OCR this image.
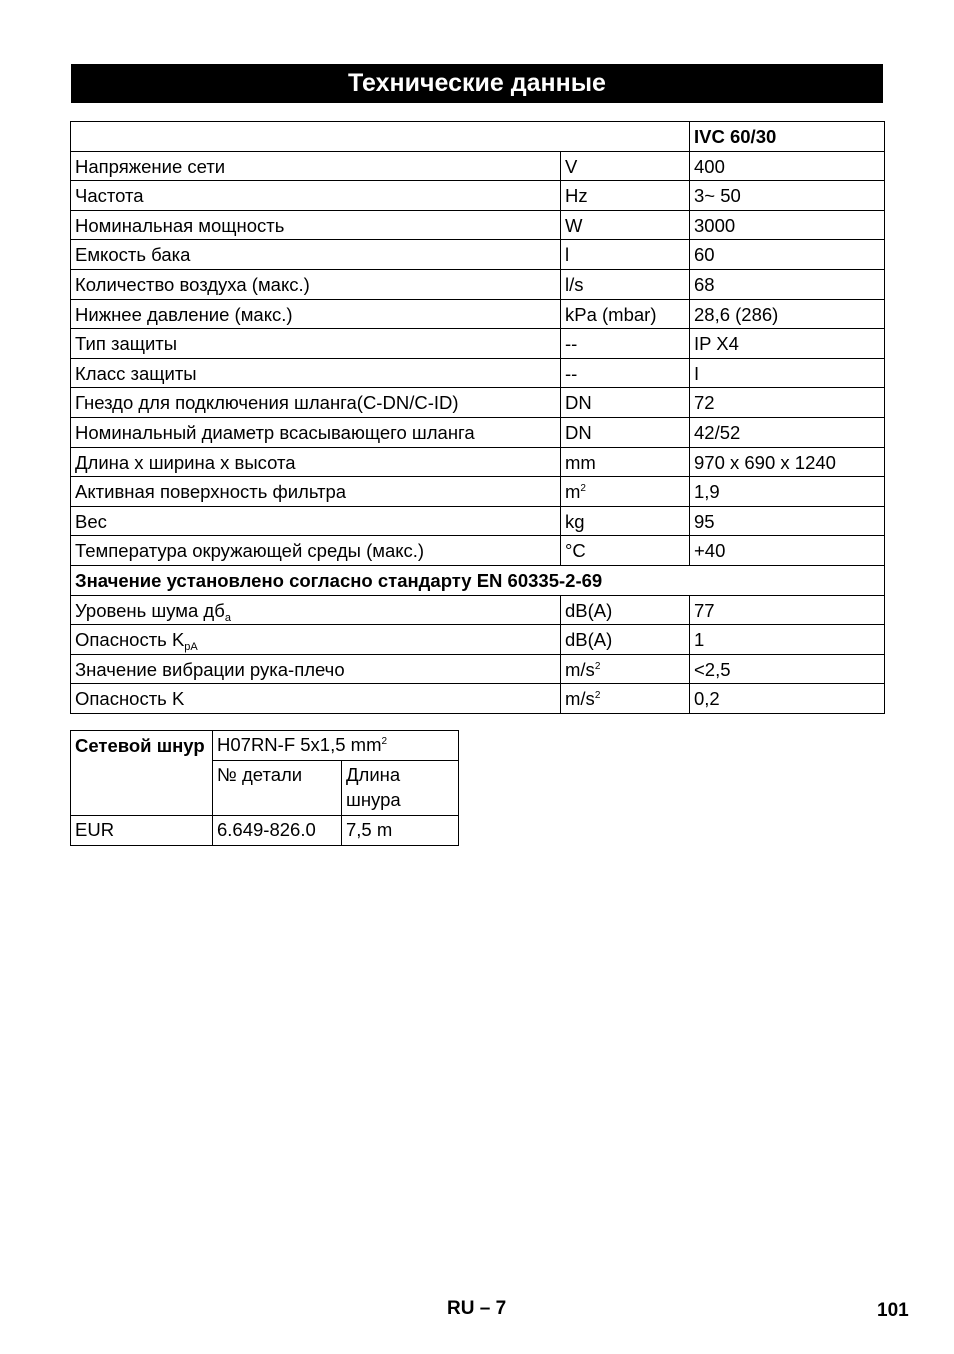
Технические данные
		IVC 60/30
Напряжение сети	V	400
Частота	Hz	3~ 50
Номинальная мощность	W	3000
Емкость бака	l	60
Количество воздуха (макс.)	l/s	68
Нижнее давление (макс.)	kPa (mbar)	28,6 (286)
Тип защиты	--	IP X4
Класс защиты	--	I
Гнездо для подключения шланга(C-DN/C-ID)	DN	72
Номинальный диаметр всасывающего шланга	DN	42/52
Длина x ширина x высота	mm	970 x 690 x 1240
Активная поверхность фильтра	$m^2$	1,9
Вес	kg	95
Температура окружающей среды (макс.)	°C	+40
Значение установлено согласно стандарту EN 60335-2-69		
Уровень шума $дб_a$	dB(A)	77
Опасность $K_{pA}$	dB(A)	1
Значение вибрации рука-плечо	$m/s^2$	<2,5
Опасность K	$m/s^2$	0,2
Сетевой шнур	H07RN-F 5x1,5 $mm^2$
	№ детали	Длина шнура
EUR	6.649-826.0	7,5 m
RU – 7	101
